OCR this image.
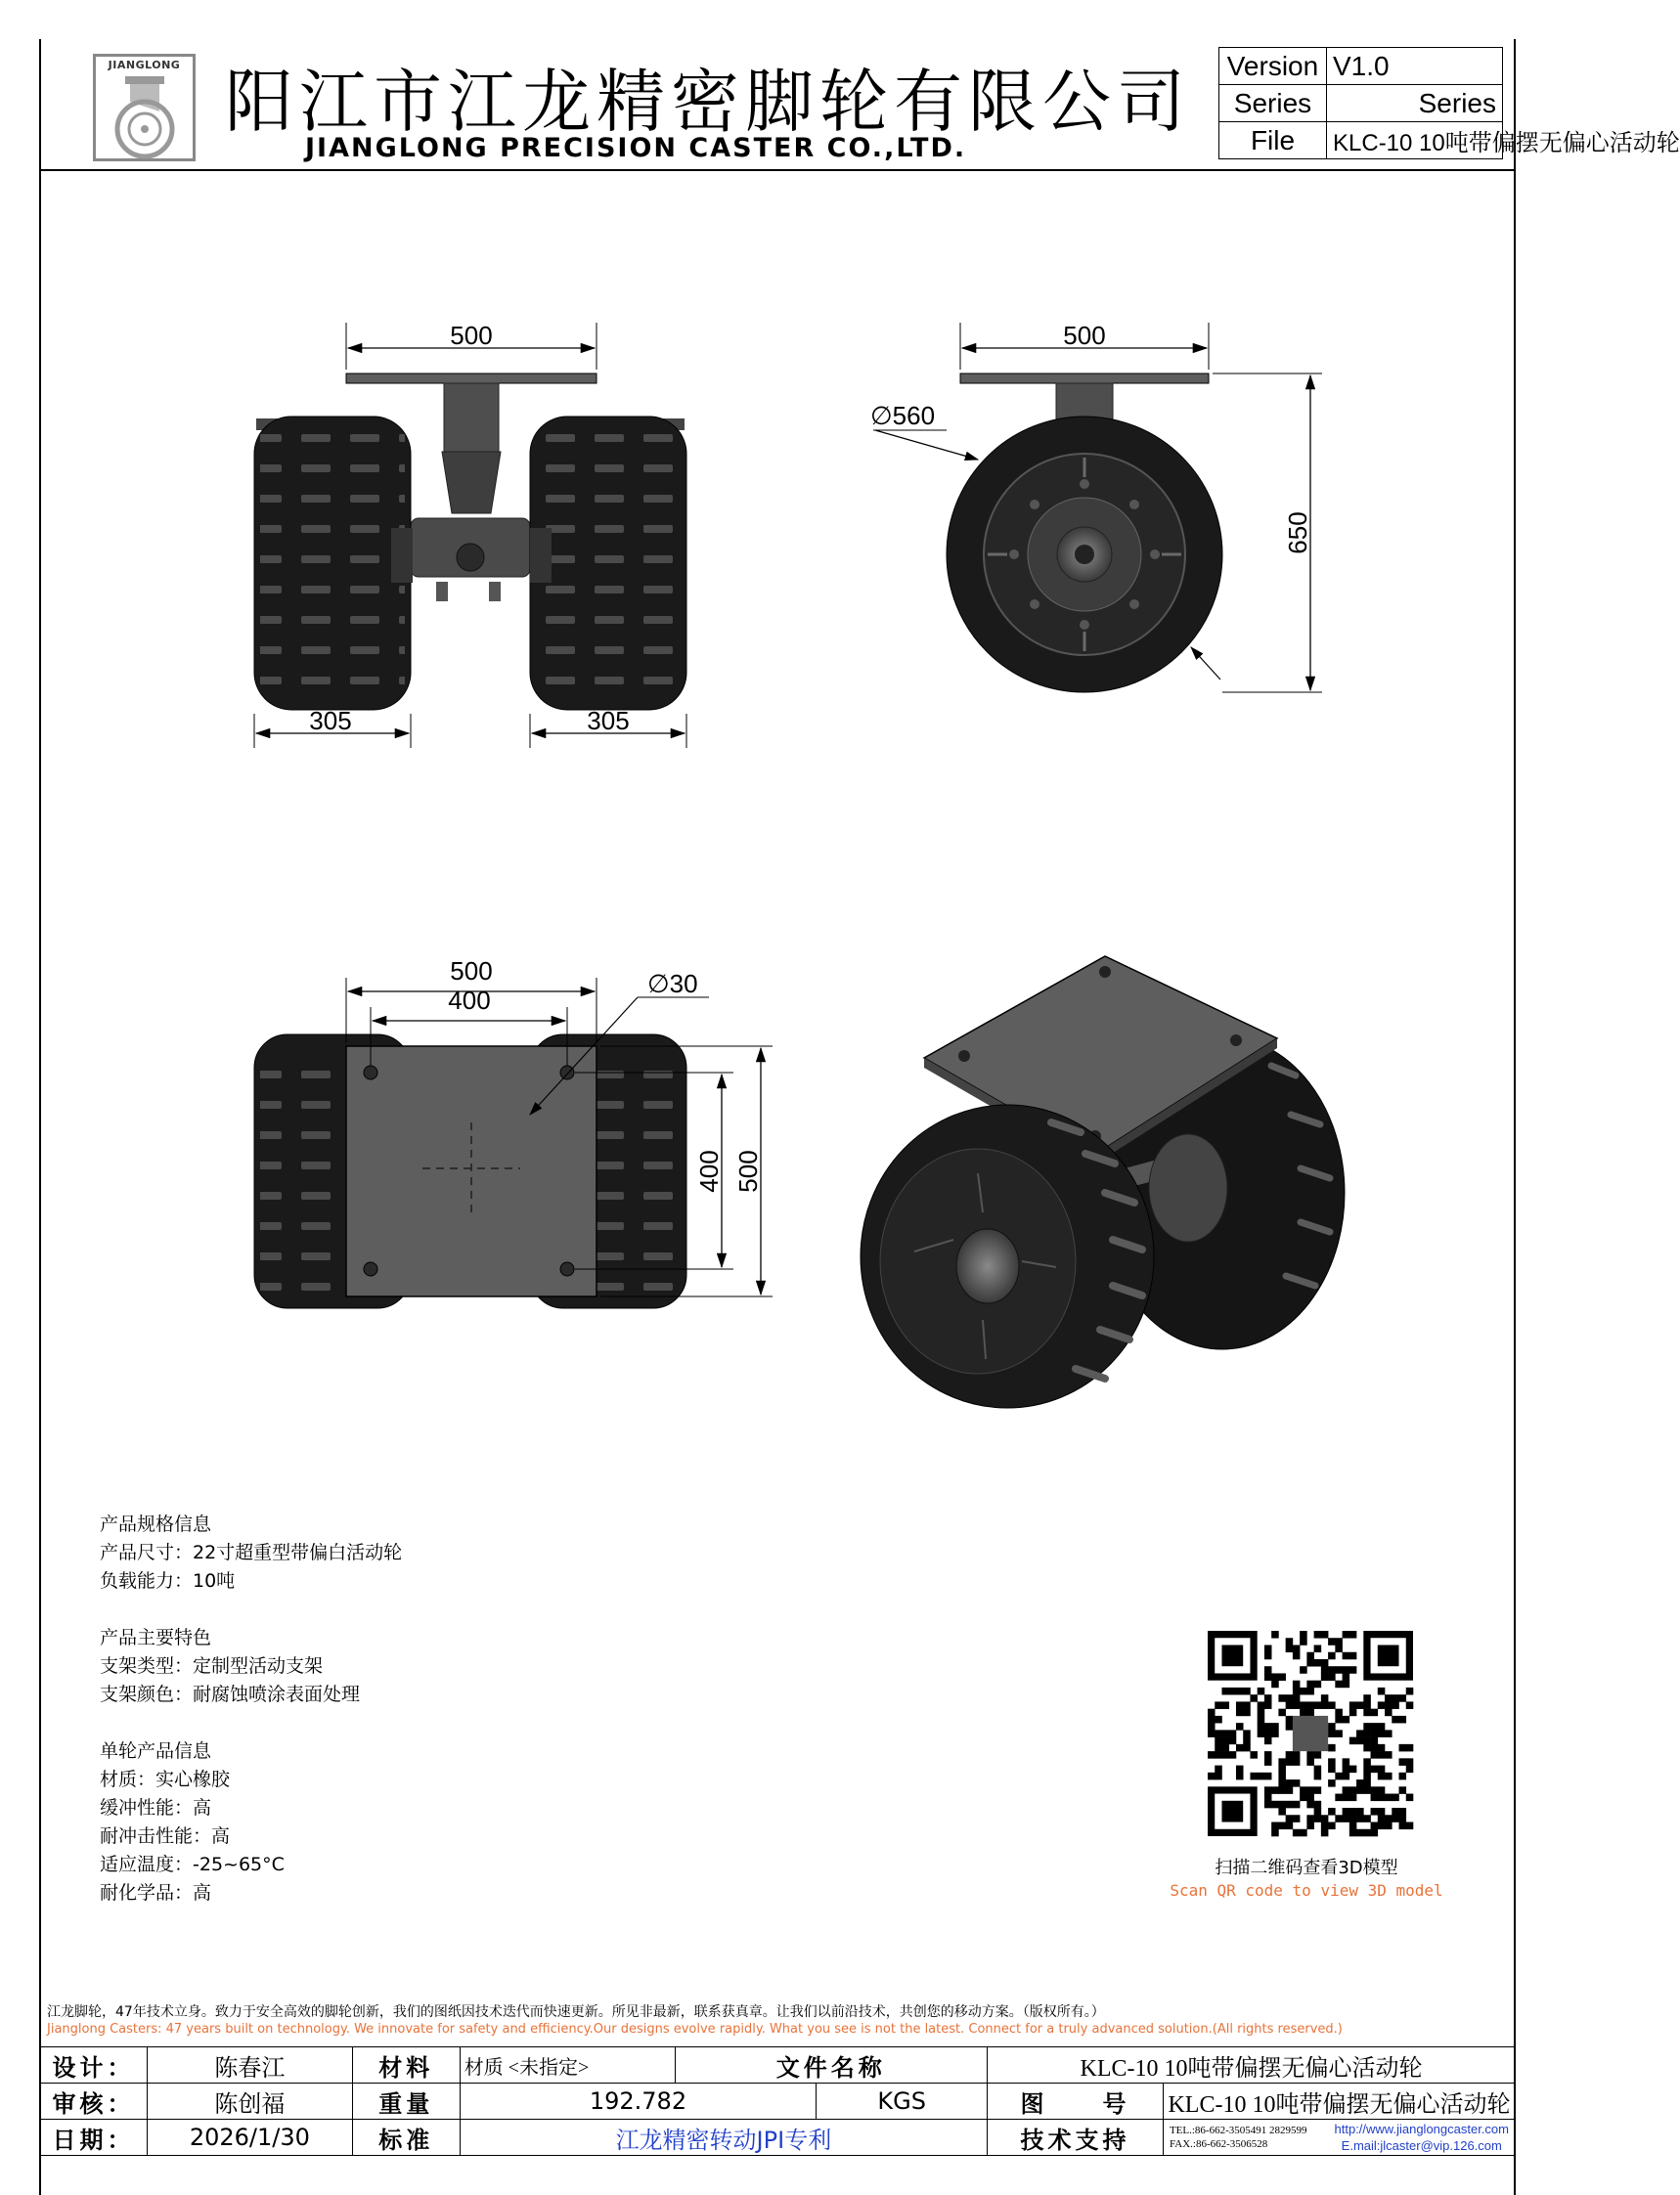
JIANGLONG 阳江市江龙精密脚轮有限公司
JIANGLONG PRECISION CASTER CO.,LTD.
Version	V1.0
Series	Series
File	KLC-10 10吨带偏摆无偏心活动轮
500
305	305
500
∅560
650
500
400
∅30
400 500
产品规格信息
产品尺寸：22寸超重型带偏白活动轮
负载能力：10吨
产品主要特色
支架类型：定制型活动支架
支架颜色：耐腐蚀喷涂表面处理
单轮产品信息
材质：实心橡胶
缓冲性能：高
耐冲击性能：高
适应温度：-25~65°C
耐化学品：高
扫描二维码查看3D模型
Scan QR code to view 3D model
江龙脚轮，47年技术立身。致力于安全高效的脚轮创新，我们的图纸因技术迭代而快速更新。所见非最新，联系获真章。让我们以前沿技术，共创您的移动方案。（版权所有。）
Jianglong Casters: 47 years built on technology. We innovate for safety and efficiency.Our designs evolve rapidly. What you see is not the latest. Connect for a truly advanced solution.(All rights reserved.)
设计：	陈春江	材料	材质 <未指定>	文件名称		KLC-10 10吨带偏摆无偏心活动轮	
审核：	陈创福	重量	192.782		KGS	图　　号	KLC-10 10吨带偏摆无偏心活动轮
日期：	2026/1/30	标准	江龙精密转动JPI专利			技术支持	TEL.:86-662-3505491 2829599
FAX.:86-662-3506528
http://www.jianglongcaster.com
E.mail:jlcaster@vip.126.com
